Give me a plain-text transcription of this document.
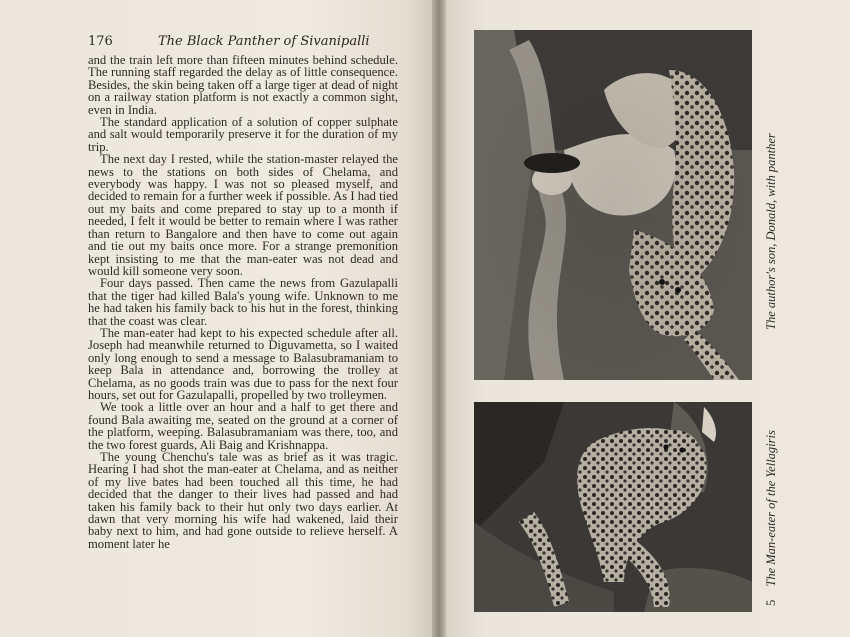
176	The Black Panther of Sivanipalli

and the train left more than fifteen minutes behind schedule. The running staff regarded the delay as of little consequence. Besides, the skin being taken off a large tiger at dead of night on a railway station platform is not exactly a common sight, even in India.

The standard application of a solution of copper sulphate and salt would temporarily preserve it for the duration of my trip.

The next day I rested, while the station-master relayed the news to the stations on both sides of Chelama, and everybody was happy. I was not so pleased myself, and decided to remain for a further week if possible. As I had tied out my baits and come prepared to stay up to a month if needed, I felt it would be better to remain where I was rather than return to Bangalore and then have to come out again and tie out my baits once more. For a strange premonition kept insisting to me that the man-eater was not dead and would kill someone very soon.

Four days passed. Then came the news from Gazulapalli that the tiger had killed Bala's young wife. Unknown to me he had taken his family back to his hut in the forest, thinking that the coast was clear.

The man-eater had kept to his expected schedule after all. Joseph had meanwhile returned to Diguvametta, so I waited only long enough to send a message to Balasubramaniam to keep Bala in attendance and, borrowing the trolley at Chelama, as no goods train was due to pass for the next four hours, set out for Gazulapalli, propelled by two trolleymen.

We took a little over an hour and a half to get there and found Bala awaiting me, seated on the ground at a corner of the platform, weeping. Balasubramaniam was there, too, and the two forest guards, Ali Baig and Krishnappa.

The young Chenchu's tale was as brief as it was tragic. Hearing I had shot the man-eater at Chelama, and as neither of my live bates had been touched all this time, he had decided that the danger to their lives had passed and had taken his family back to their hut only two days earlier. At dawn that very morning his wife had wakened, laid their baby next to him, and had gone outside to relieve herself. A moment later he

The author's son, Donald, with panther
5 The Man-eater of the Yellagiris
